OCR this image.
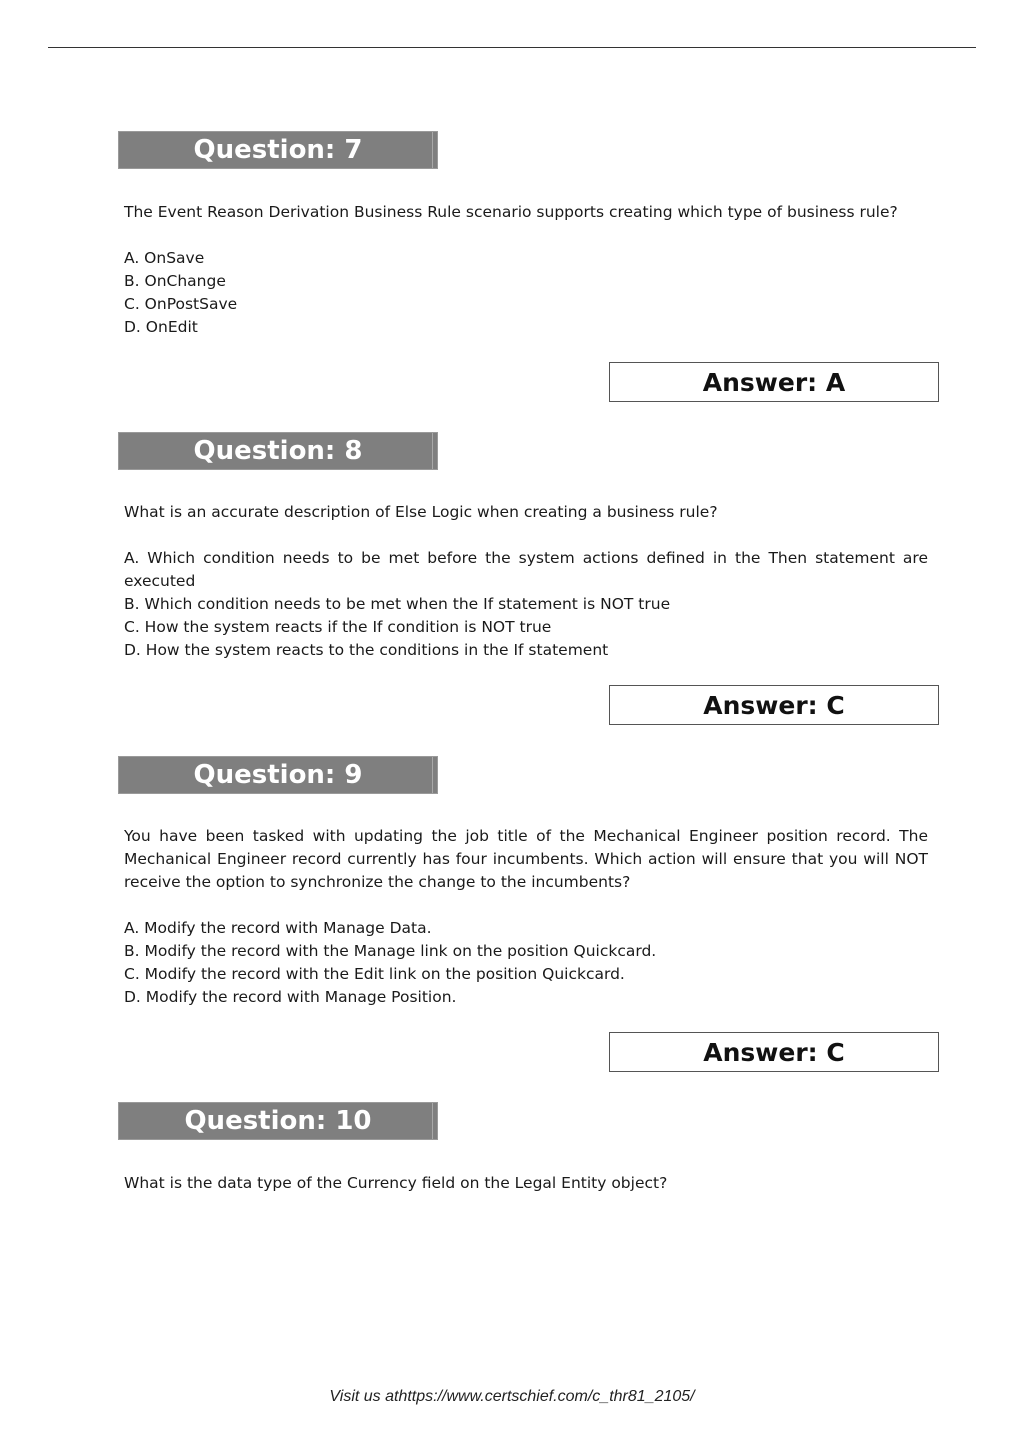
Question: 7

The Event Reason Derivation Business Rule scenario supports creating which type of business rule?

A. OnSave
B. OnChange
C. OnPostSave
D. OnEdit
Answer: A
Question: 8

What is an accurate description of Else Logic when creating a business rule?

A. Which condition needs to be met before the system actions defined in the Then statement are executed
B. Which condition needs to be met when the If statement is NOT true
C. How the system reacts if the If condition is NOT true
D. How the system reacts to the conditions in the If statement
Answer: C
Question: 9

You have been tasked with updating the job title of the Mechanical Engineer position record. The Mechanical Engineer record currently has four incumbents. Which action will ensure that you will NOT receive the option to synchronize the change to the incumbents?

A. Modify the record with Manage Data.
B. Modify the record with the Manage link on the position Quickcard.
C. Modify the record with the Edit link on the position Quickcard.
D. Modify the record with Manage Position.
Answer: C
Question: 10

What is the data type of the Currency field on the Legal Entity object?

Visit us athttps://www.certschief.com/c_thr81_2105/
